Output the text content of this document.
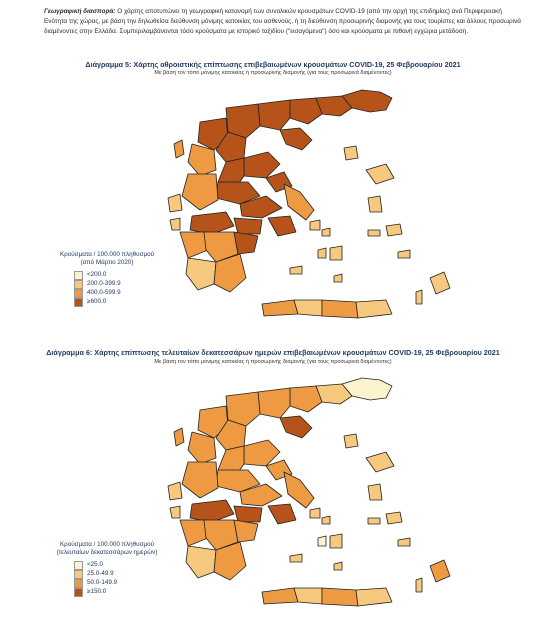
Γεωγραφική διασπορά: Ο χάρτης αποτυπώνει τη γεωγραφική κατανομή των συνολικών κρουσμάτων COVID-19 (από την αρχή της επιδημίας) ανά Περιφερειακή Ενότητα της χώρας, με βάση την δηλωθείσα διεύθυνση μόνιμης κατοικίας του ασθενούς, ή τη διεύθυνση προσωρινής διαμονής για τους τουρίστες και άλλους προσωρινά διαμένοντες στην Ελλάδα. Συμπεριλαμβάνονται τόσο κρούσματα με ιστορικό ταξιδίου ("εισαγόμενα") όσο και κρούσματα με πιθανή εγχώρια μετάδοση.
Διάγραμμα 5: Χάρτης αθροιστικής επίπτωσης επιβεβαιωμένων κρουσμάτων COVID-19, 25 Φεβρουαρίου 2021
Με βάση τον τόπο μόνιμης κατοικίας ή προσωρινής διαμονής (για τους προσωρινά διαμένοντες)
Κρούσματα / 100.000 πληθυσμού
(από Μάρτιο 2020)
<200.0
200.0-399.9
400.0-599.9
≥600.0
Διάγραμμα 6: Χάρτης επίπτωσης τελευταίων δεκατεσσάρων ημερών επιβεβαιωμένων κρουσμάτων COVID-19, 25 Φεβρουαρίου 2021
Με βάση τον τόπο μόνιμης κατοικίας ή προσωρινής διαμονής (για τους προσωρινά διαμένοντες)
Κρούσματα / 100.000 πληθυσμού
(τελευταίων δεκατεσσάρων ημερών)
<25.0
25.0-49.9
50.0-149.9
≥150.0
